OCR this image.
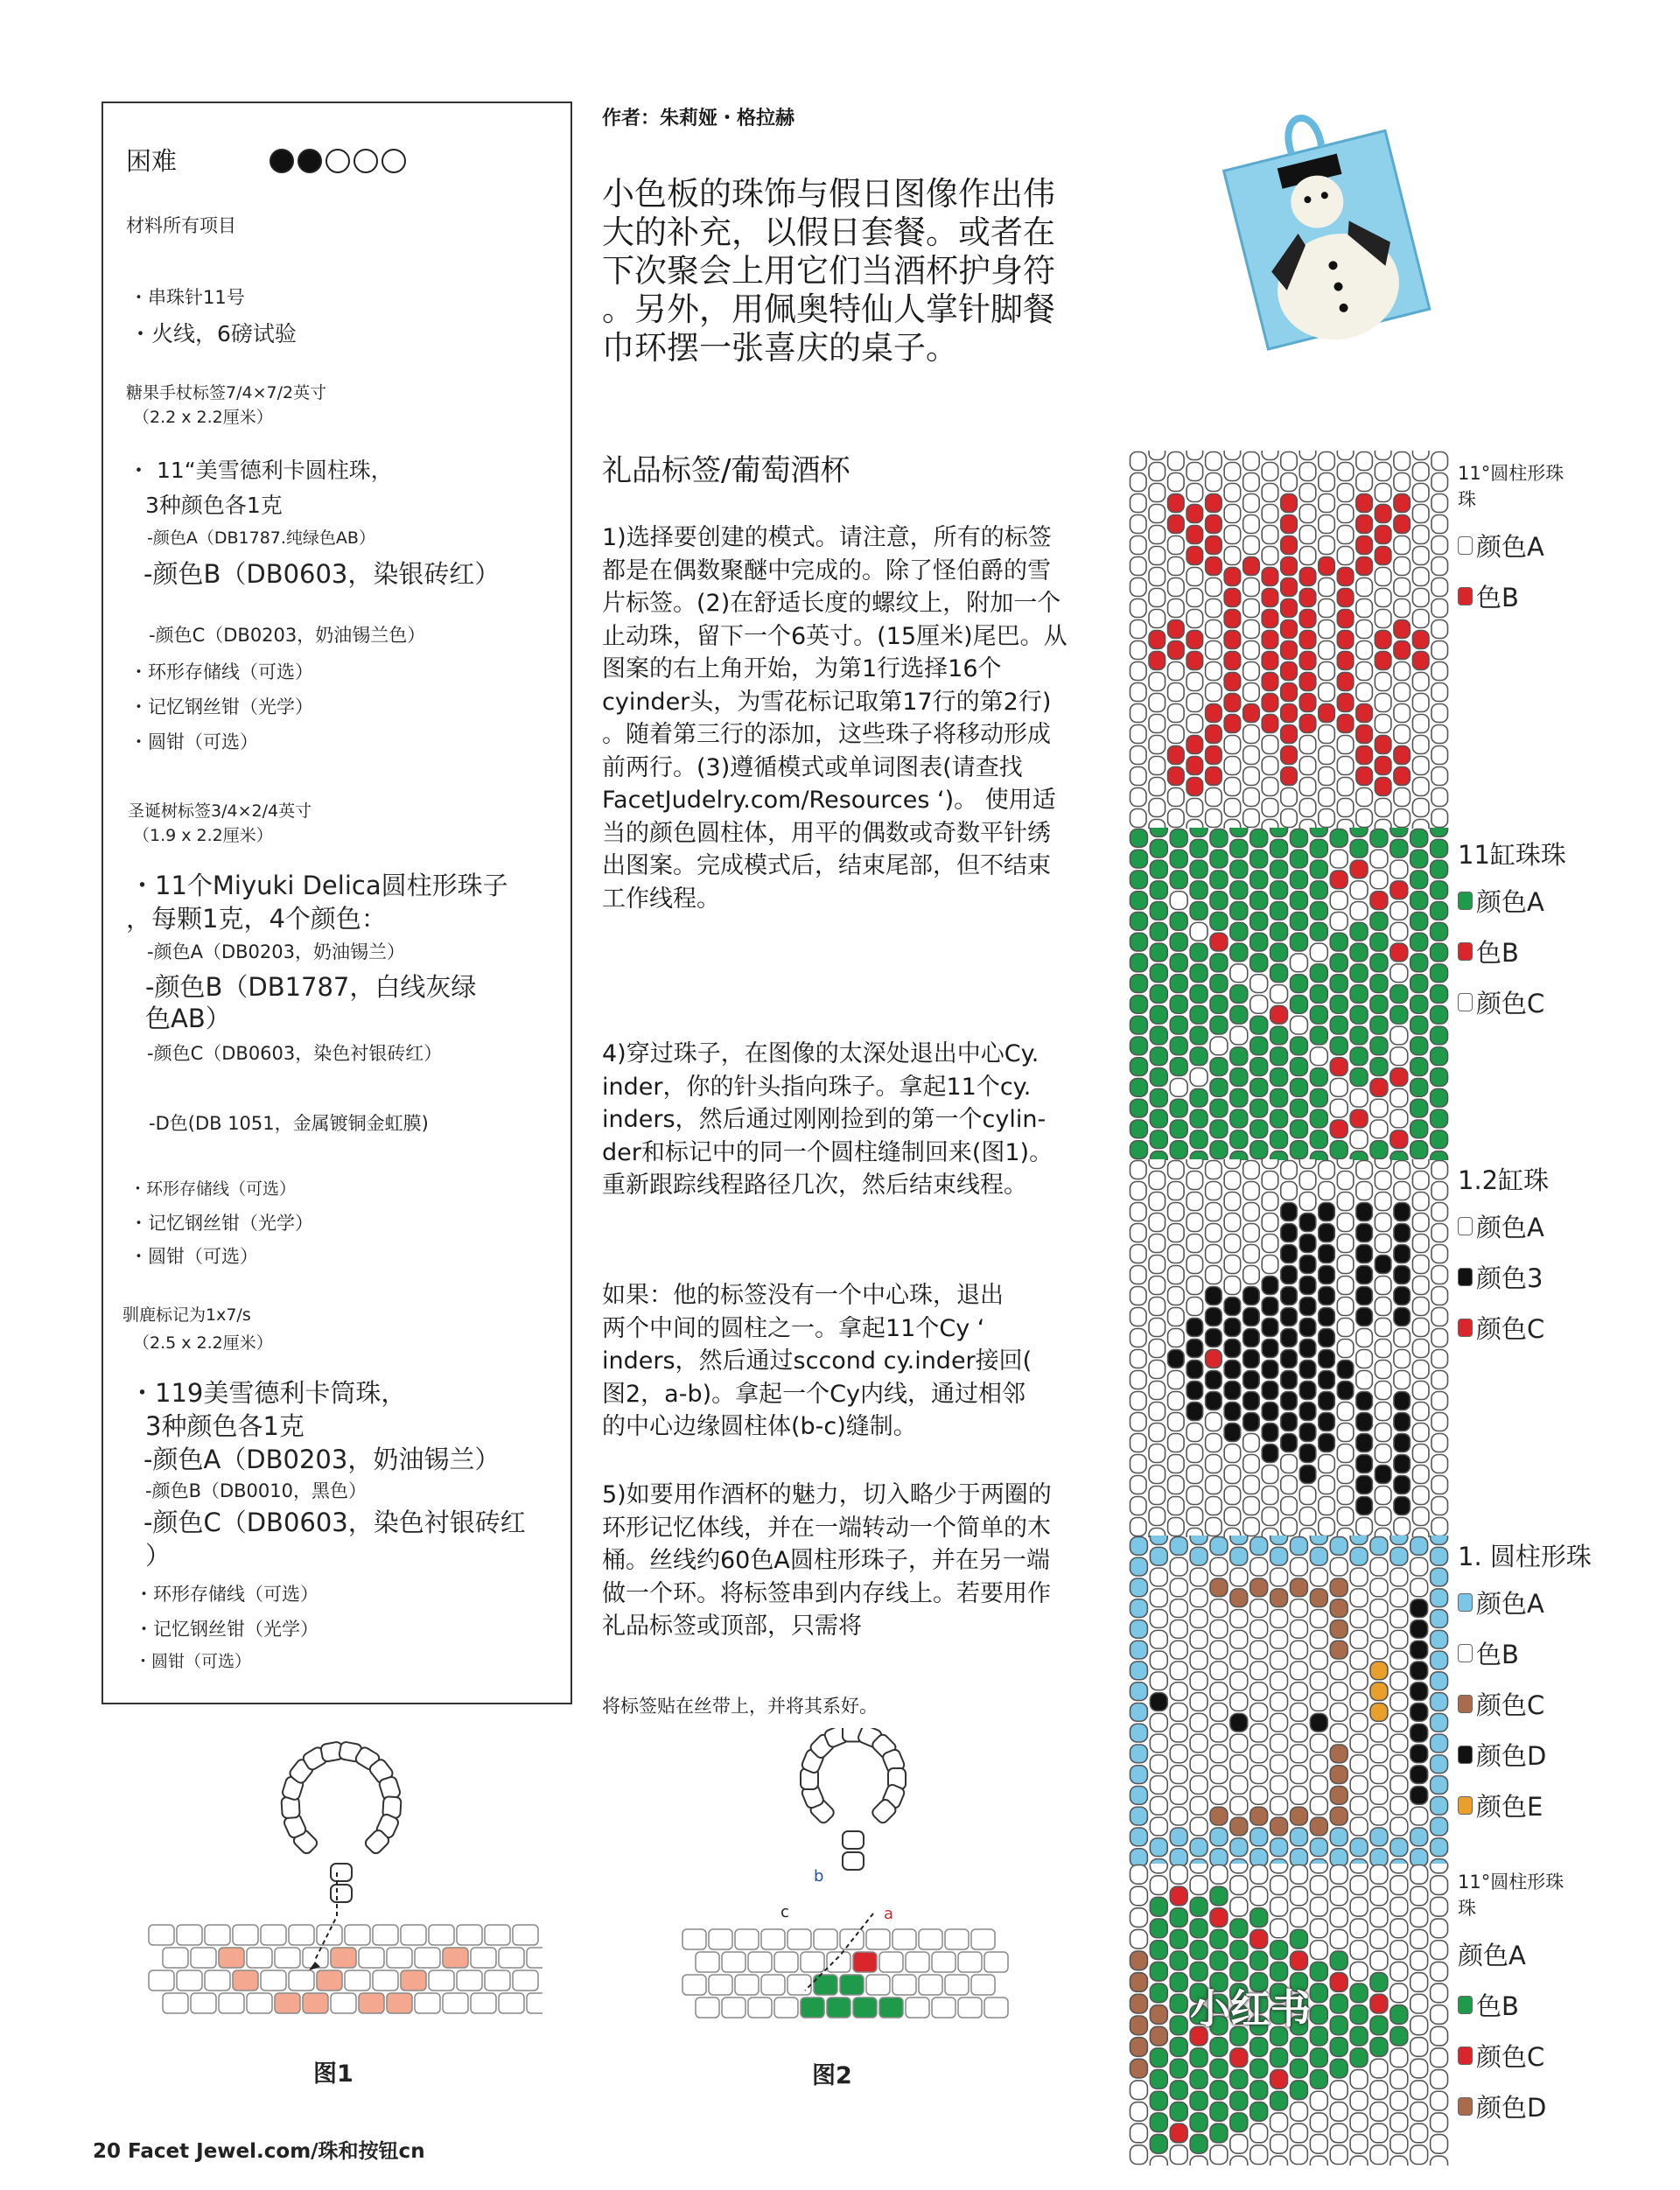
困难
材料所有项目
・串珠针11号
・火线，6磅试验
糖果手杖标签7/4×7/2英寸
（2.2 x 2.2厘米）
・ 11“美雪德利卡圆柱珠，
3种颜色各1克
-颜色A（DB1787.纯绿色AB）
-颜色B（DB0603，染银砖红）
-颜色C（DB0203，奶油锡兰色）
・环形存储线（可选）
・记忆钢丝钳（光学）
・圆钳（可选）
圣诞树标签3/4×2/4英寸
（1.9 x 2.2厘米）
・11个Miyuki Delica圆柱形珠子
，每颗1克，4个颜色：
-颜色A（DB0203，奶油锡兰）
-颜色B（DB1787，白线灰绿
色AB）
-颜色C（DB0603，染色衬银砖红）
-D色(DB 1051，金属镀铜金虹膜)
・环形存储线（可选）
・记忆钢丝钳（光学）
・圆钳（可选）
驯鹿标记为1x7/s
（2.5 x 2.2厘米）
・119美雪德利卡筒珠，
3种颜色各1克
-颜色A（DB0203，奶油锡兰）
-颜色B（DB0010，黑色）
-颜色C（DB0603，染色衬银砖红
）
・环形存储线（可选）
・记忆钢丝钳（光学）
・圆钳（可选）
作者：朱莉娅・格拉赫
小色板的珠饰与假日图像作出伟
大的补充，以假日套餐。或者在
下次聚会上用它们当酒杯护身符
。另外，用佩奥特仙人掌针脚餐
巾环摆一张喜庆的桌子。
礼品标签/葡萄酒杯
1)选择要创建的模式。请注意，所有的标签
都是在偶数聚醚中完成的。除了怪伯爵的雪
片标签。(2)在舒适长度的螺纹上，附加一个
止动珠，留下一个6英寸。(15厘米)尾巴。从
图案的右上角开始，为第1行选择16个
cyinder头，为雪花标记取第17行的第2行)
。随着第三行的添加，这些珠子将移动形成
前两行。(3)遵循模式或单词图表(请查找
FacetJudelry.com/Resources ‘)。 使用适
当的颜色圆柱体，用平的偶数或奇数平针绣
出图案。完成模式后，结束尾部，但不结束
工作线程。
4)穿过珠子，在图像的太深处退出中心Cy.
inder，你的针头指向珠子。拿起11个cy.
inders，然后通过刚刚捡到的第一个cylin-
der和标记中的同一个圆柱缝制回来(图1)。
重新跟踪线程路径几次，然后结束线程。
如果：他的标签没有一个中心珠，退出
两个中间的圆柱之一。拿起11个Cy ‘
inders，然后通过sccond cy.inder接回(
图2，a-b)。拿起一个Cy内线，通过相邻
的中心边缘圆柱体(b-c)缝制。
5)如要用作酒杯的魅力，切入略少于两圈的
环形记忆体线，并在一端转动一个简单的木
桶。丝线约60色A圆柱形珠子，并在另一端
做一个环。将标签串到内存线上。若要用作
礼品标签或顶部，只需将
将标签贴在丝带上，并将其系好。
11°圆柱形珠
珠
颜色A
色B
11缸珠珠
颜色A
色B
颜色C
1.2缸珠
颜色A
颜色3
颜色C
1. 圆柱形珠
颜色A
色B
颜色C
颜色D
颜色E
11°圆柱形珠
珠
颜色A
色B
颜色C
颜色D
图1
b
c	a
图2
小红书
20 Facet Jewel.com/珠和按钮cn
